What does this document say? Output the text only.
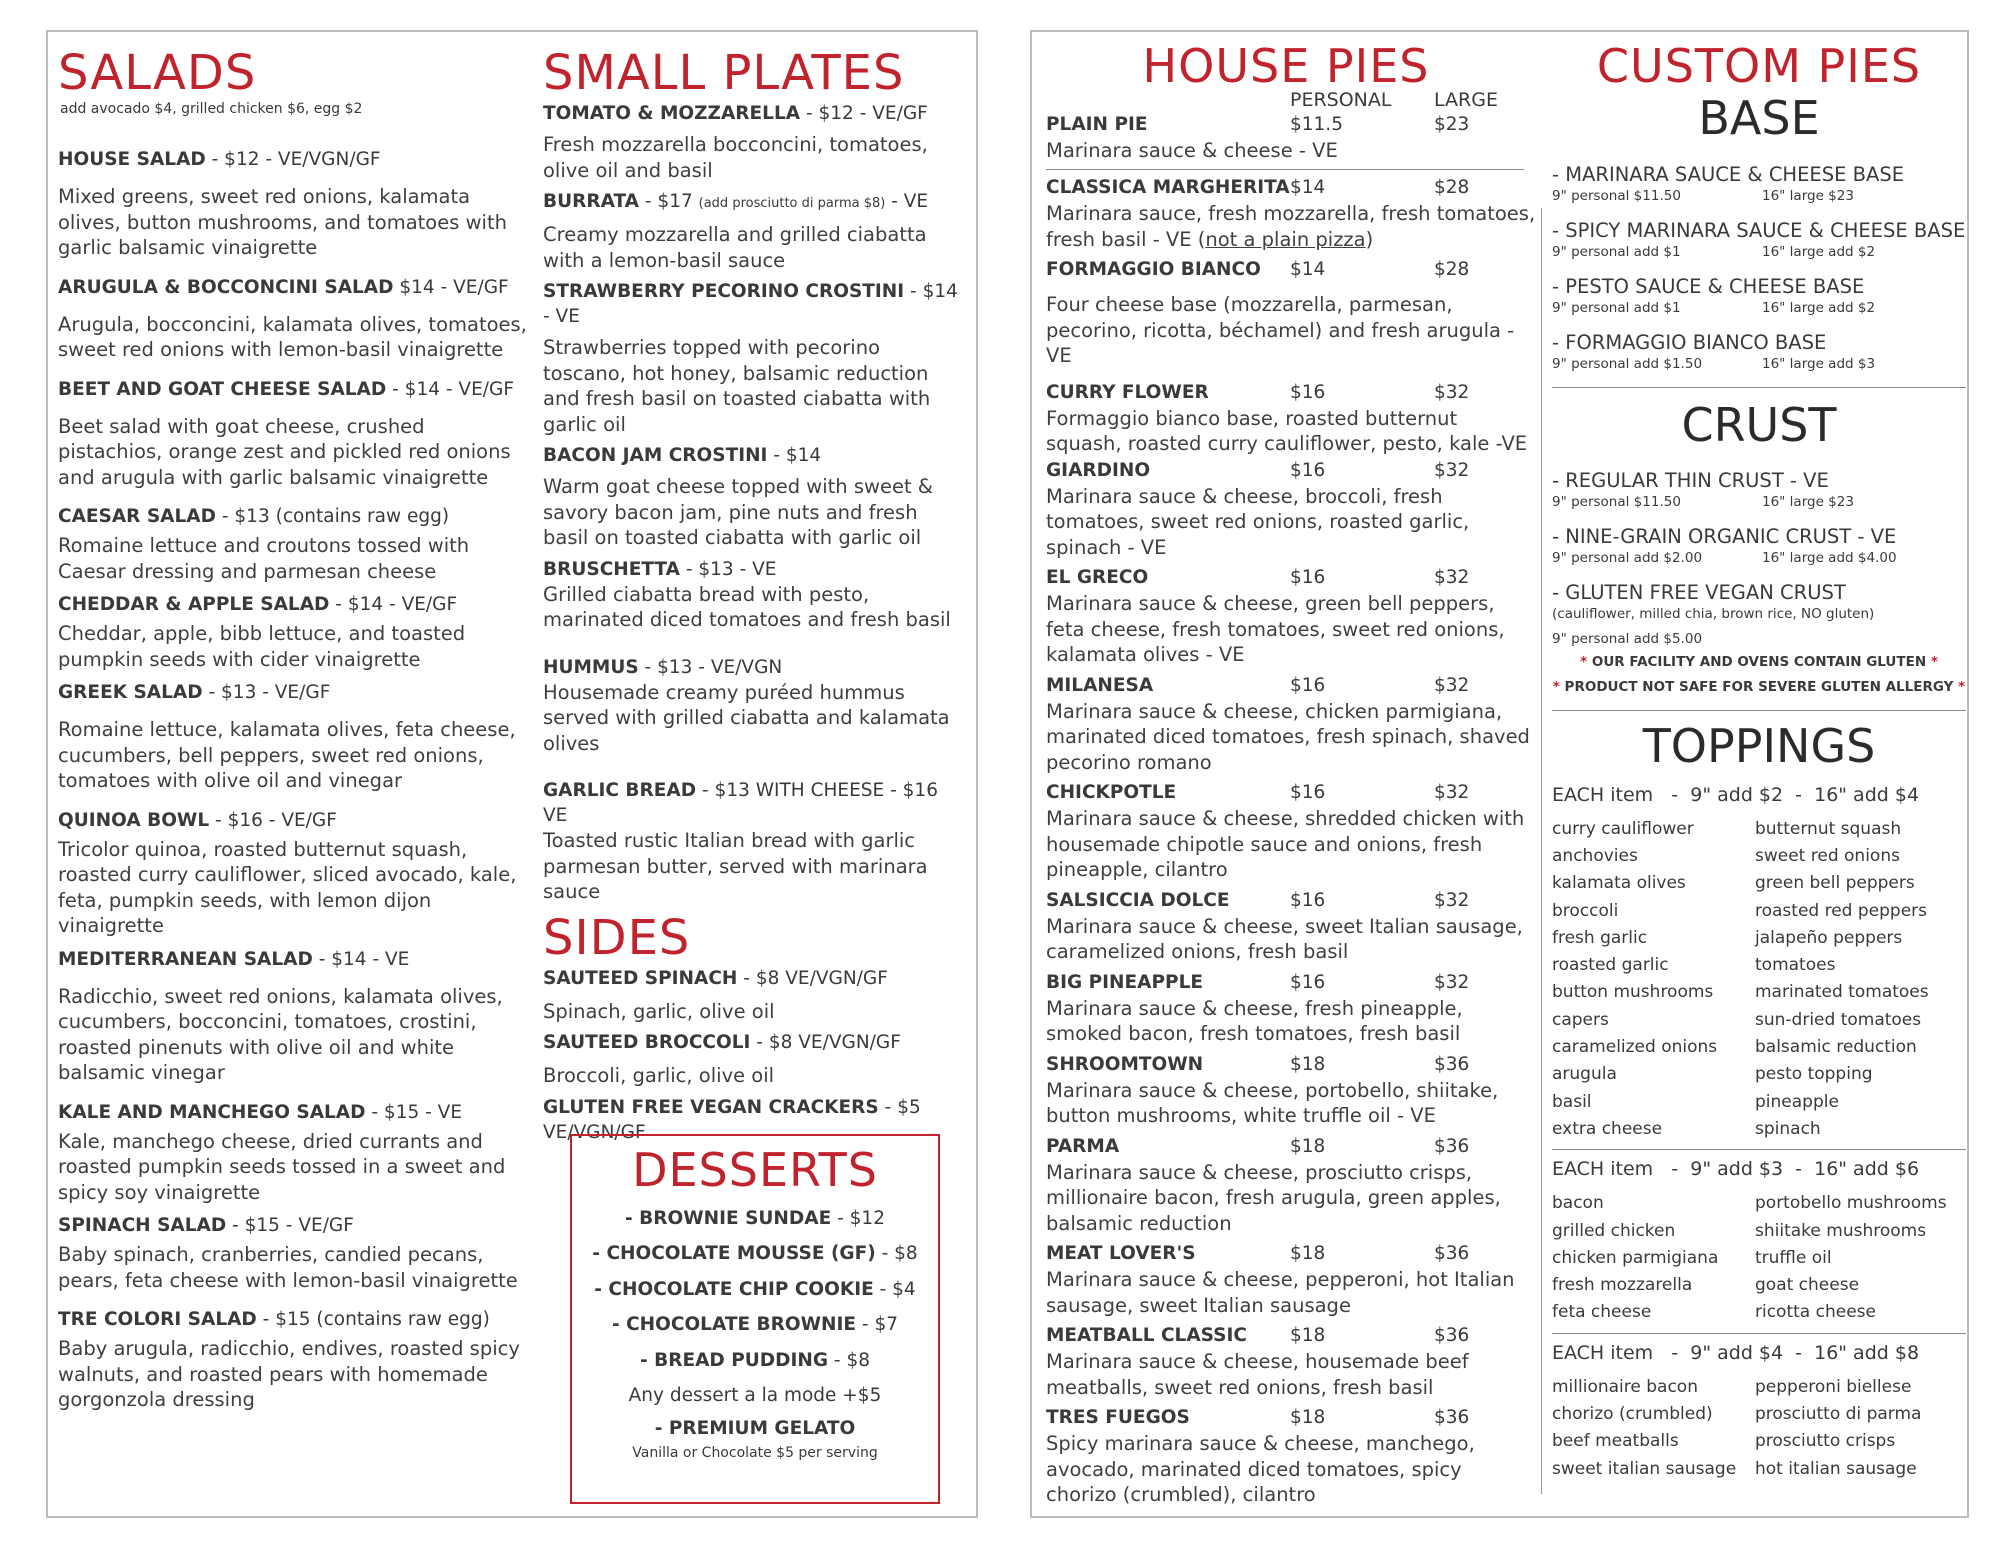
SALADS

add avocado $4, grilled chicken $6, egg $2

HOUSE SALAD - $12 - VE/VGN/GF

Mixed greens, sweet red onions, kalamata olives, button mushrooms, and tomatoes with garlic balsamic vinaigrette

ARUGULA & BOCCONCINI SALAD $14 - VE/GF

Arugula, bocconcini, kalamata olives, tomatoes, sweet red onions with lemon-basil vinaigrette

BEET AND GOAT CHEESE SALAD - $14 - VE/GF

Beet salad with goat cheese, crushed pistachios, orange zest and pickled red onions and arugula with garlic balsamic vinaigrette

CAESAR SALAD - $13 (contains raw egg)

Romaine lettuce and croutons tossed with Caesar dressing and parmesan cheese

CHEDDAR & APPLE SALAD - $14 - VE/GF

Cheddar, apple, bibb lettuce, and toasted pumpkin seeds with cider vinaigrette

GREEK SALAD - $13 - VE/GF

Romaine lettuce, kalamata olives, feta cheese, cucumbers, bell peppers, sweet red onions, tomatoes with olive oil and vinegar

QUINOA BOWL - $16 - VE/GF

Tricolor quinoa, roasted butternut squash, roasted curry cauliflower, sliced avocado, kale, feta, pumpkin seeds, with lemon dijon vinaigrette

MEDITERRANEAN SALAD - $14 - VE

Radicchio, sweet red onions, kalamata olives, cucumbers, bocconcini, tomatoes, crostini, roasted pinenuts with olive oil and white balsamic vinegar

KALE AND MANCHEGO SALAD - $15 - VE

Kale, manchego cheese, dried currants and roasted pumpkin seeds tossed in a sweet and spicy soy vinaigrette

SPINACH SALAD - $15 - VE/GF

Baby spinach, cranberries, candied pecans, pears, feta cheese with lemon-basil vinaigrette

TRE COLORI SALAD - $15 (contains raw egg)

Baby arugula, radicchio, endives, roasted spicy walnuts, and roasted pears with homemade gorgonzola dressing

SMALL PLATES

TOMATO & MOZZARELLA - $12 - VE/GF

Fresh mozzarella bocconcini, tomatoes, olive oil and basil

BURRATA - $17 (add prosciutto di parma $8) - VE

Creamy mozzarella and grilled ciabatta with a lemon-basil sauce

STRAWBERRY PECORINO CROSTINI - $14 - VE

Strawberries topped with pecorino toscano, hot honey, balsamic reduction and fresh basil on toasted ciabatta with garlic oil

BACON JAM CROSTINI - $14

Warm goat cheese topped with sweet & savory bacon jam, pine nuts and fresh basil on toasted ciabatta with garlic oil

BRUSCHETTA - $13 - VE

Grilled ciabatta bread with pesto, marinated diced tomatoes and fresh basil

HUMMUS - $13 - VE/VGN

Housemade creamy puréed hummus served with grilled ciabatta and kalamata olives

GARLIC BREAD - $13 WITH CHEESE - $16 VE

Toasted rustic Italian bread with garlic parmesan butter, served with marinara sauce

SIDES

SAUTEED SPINACH - $8 VE/VGN/GF

Spinach, garlic, olive oil

SAUTEED BROCCOLI - $8 VE/VGN/GF

Broccoli, garlic, olive oil

GLUTEN FREE VEGAN CRACKERS - $5 VE/VGN/GF

DESSERTS
- BROWNIE SUNDAE - $12
- CHOCOLATE MOUSSE (GF) - $8
- CHOCOLATE CHIP COOKIE - $4
- CHOCOLATE BROWNIE - $7
- BREAD PUDDING - $8
Any dessert a la mode +$5
- PREMIUM GELATO
Vanilla or Chocolate $5 per serving
HOUSE PIES
PERSONAL	LARGE
PLAIN PIE	$11.5	$23

Marinara sauce & cheese - VE

CLASSICA MARGHERITA $14	$28

Marinara sauce, fresh mozzarella, fresh tomatoes, fresh basil - VE (not a plain pizza)

FORMAGGIO BIANCO	$14	$28

Four cheese base (mozzarella, parmesan, pecorino, ricotta, béchamel) and fresh arugula - VE

CURRY FLOWER	$16	$32

Formaggio bianco base, roasted butternut squash, roasted curry cauliflower, pesto, kale -VE

GIARDINO	$16	$32

Marinara sauce & cheese, broccoli, fresh tomatoes, sweet red onions, roasted garlic, spinach - VE

EL GRECO	$16	$32

Marinara sauce & cheese, green bell peppers, feta cheese, fresh tomatoes, sweet red onions, kalamata olives - VE

MILANESA	$16	$32

Marinara sauce & cheese, chicken parmigiana, marinated diced tomatoes, fresh spinach, shaved pecorino romano

CHICKPOTLE	$16	$32

Marinara sauce & cheese, shredded chicken with housemade chipotle sauce and onions, fresh pineapple, cilantro

SALSICCIA DOLCE	$16	$32

Marinara sauce & cheese, sweet Italian sausage, caramelized onions, fresh basil

BIG PINEAPPLE	$16	$32

Marinara sauce & cheese, fresh pineapple, smoked bacon, fresh tomatoes, fresh basil

SHROOMTOWN	$18	$36

Marinara sauce & cheese, portobello, shiitake, button mushrooms, white truffle oil - VE

PARMA	$18	$36

Marinara sauce & cheese, prosciutto crisps, millionaire bacon, fresh arugula, green apples, balsamic reduction

MEAT LOVER'S	$18	$36

Marinara sauce & cheese, pepperoni, hot Italian sausage, sweet Italian sausage

MEATBALL CLASSIC	$18	$36

Marinara sauce & cheese, housemade beef meatballs, sweet red onions, fresh basil

TRES FUEGOS	$18	$36

Spicy marinara sauce & cheese, manchego, avocado, marinated diced tomatoes, spicy chorizo (crumbled), cilantro

CUSTOM PIES
BASE

- MARINARA SAUCE & CHEESE BASE

9" personal $11.50	16" large $23

- SPICY MARINARA SAUCE & CHEESE BASE

9" personal add $1	16" large add $2

- PESTO SAUCE & CHEESE BASE

9" personal add $1	16" large add $2

- FORMAGGIO BIANCO BASE

9" personal add $1.50	16" large add $3
CRUST

- REGULAR THIN CRUST - VE

9" personal $11.50	16" large $23

- NINE-GRAIN ORGANIC CRUST - VE

9" personal add $2.00	16" large add $4.00

- GLUTEN FREE VEGAN CRUST

(cauliflower, milled chia, brown rice, NO gluten)
9" personal add $5.00
* OUR FACILITY AND OVENS CONTAIN GLUTEN *
* PRODUCT NOT SAFE FOR SEVERE GLUTEN ALLERGY *
TOPPINGS
EACH item   -  9" add $2  -  16" add $4
curry cauliflower	butternut squash
anchovies	sweet red onions
kalamata olives	green bell peppers
broccoli	roasted red peppers
fresh garlic	jalapeño peppers
roasted garlic	tomatoes
button mushrooms	marinated tomatoes
capers	sun-dried tomatoes
caramelized onions	balsamic reduction
arugula	pesto topping
basil	pineapple
extra cheese	spinach
EACH item   -  9" add $3  -  16" add $6
bacon	portobello mushrooms
grilled chicken	shiitake mushrooms
chicken parmigiana	truffle oil
fresh mozzarella	goat cheese
feta cheese	ricotta cheese
EACH item   -  9" add $4  -  16" add $8
millionaire bacon	pepperoni biellese
chorizo (crumbled)	prosciutto di parma
beef meatballs	prosciutto crisps
sweet italian sausage	hot italian sausage
